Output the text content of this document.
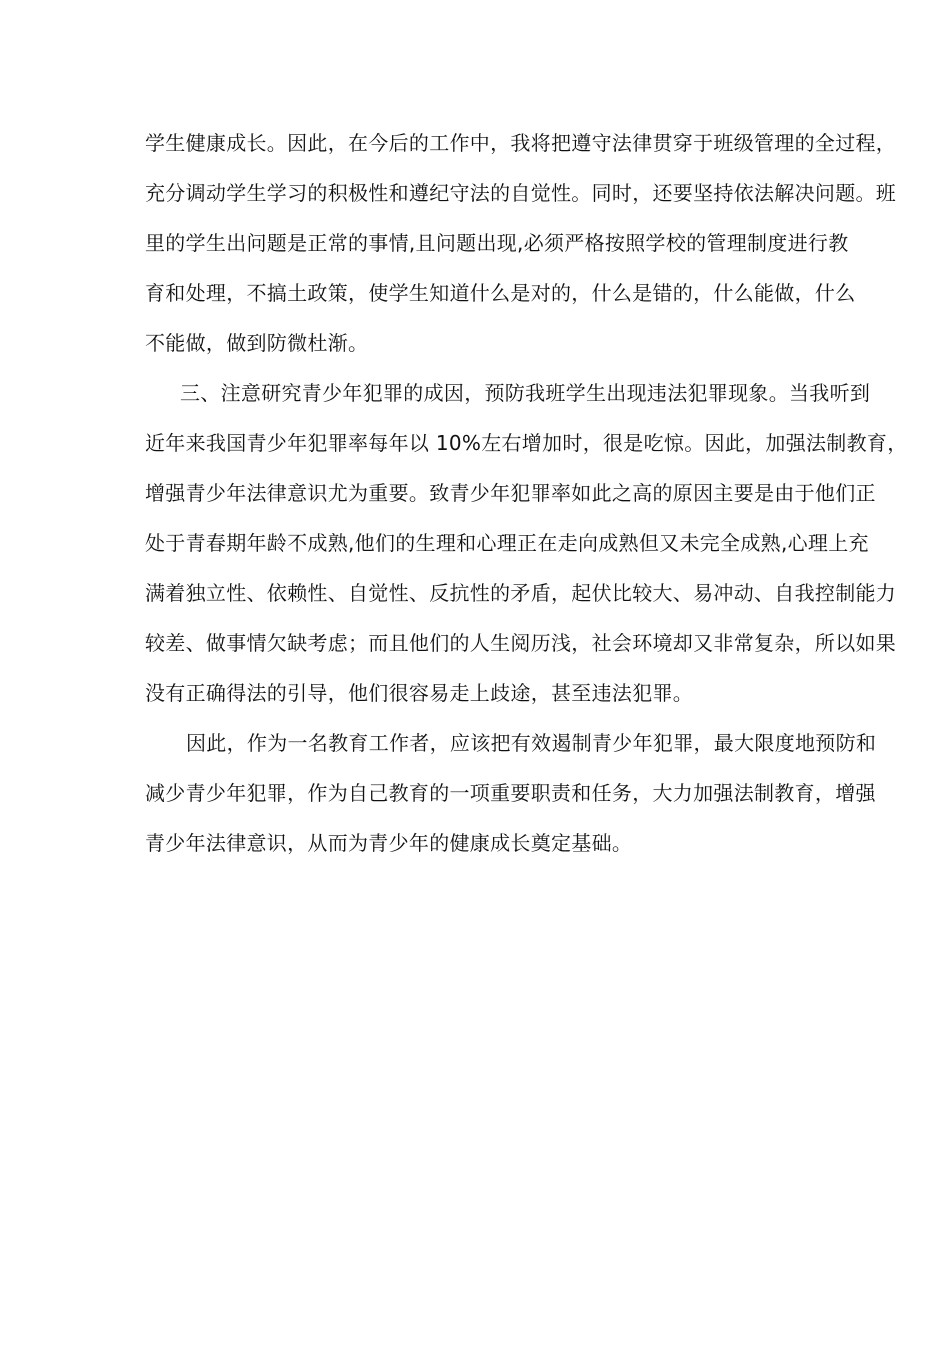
学生健康成长。因此，在今后的工作中，我将把遵守法律贯穿于班级管理的全过程，
充分调动学生学习的积极性和遵纪守法的自觉性。同时，还要坚持依法解决问题。班
里的学生出问题是正常的事情,且问题出现,必须严格按照学校的管理制度进行教
育和处理，不搞土政策，使学生知道什么是对的，什么是错的，什么能做，什么
不能做，做到防微杜渐。
三、注意研究青少年犯罪的成因，预防我班学生出现违法犯罪现象。当我听到
近年来我国青少年犯罪率每年以 10%左右增加时，很是吃惊。因此，加强法制教育，
增强青少年法律意识尤为重要。致青少年犯罪率如此之高的原因主要是由于他们正
处于青春期年龄不成熟,他们的生理和心理正在走向成熟但又未完全成熟,心理上充
满着独立性、依赖性、自觉性、反抗性的矛盾，起伏比较大、易冲动、自我控制能力
较差、做事情欠缺考虑；而且他们的人生阅历浅，社会环境却又非常复杂，所以如果
没有正确得法的引导，他们很容易走上歧途，甚至违法犯罪。
因此，作为一名教育工作者，应该把有效遏制青少年犯罪，最大限度地预防和
减少青少年犯罪，作为自己教育的一项重要职责和任务，大力加强法制教育，增强
青少年法律意识，从而为青少年的健康成长奠定基础。
